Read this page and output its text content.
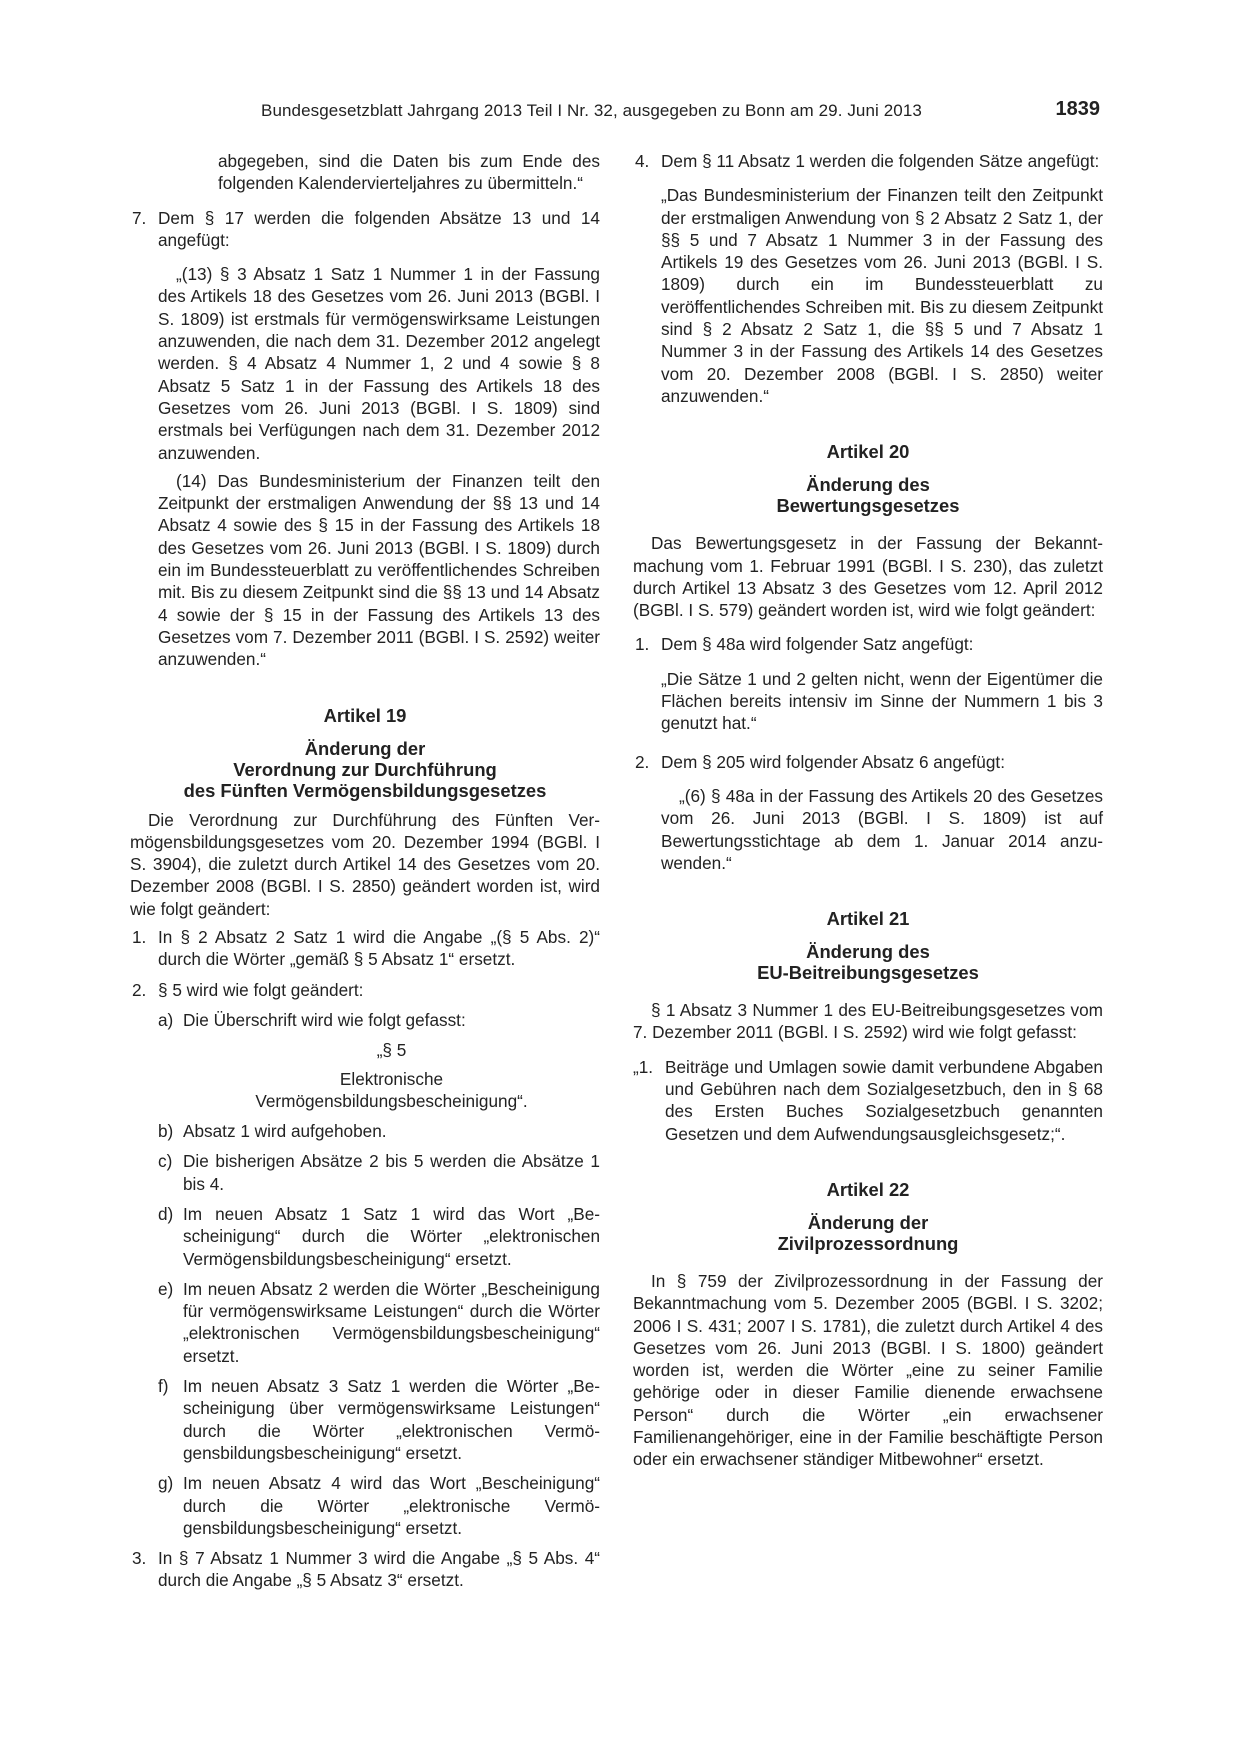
Bundesgesetzblatt Jahrgang 2013 Teil I Nr. 32, ausgegeben zu Bonn am 29. Juni 2013	1839

abgegeben, sind die Daten bis zum Ende des folgenden Kalendervierteljahres zu übermitteln.“

7. Dem § 17 werden die folgenden Absätze 13 und 14 angefügt:

„(13) § 3 Absatz 1 Satz 1 Nummer 1 in der Fassung des Artikels 18 des Gesetzes vom 26. Juni 2013 (BGBl. I S. 1809) ist erstmals für vermögenswirksame Leistungen anzuwenden, die nach dem 31. Dezember 2012 angelegt werden. § 4 Absatz 4 Nummer 1, 2 und 4 sowie § 8 Absatz 5 Satz 1 in der Fassung des Artikels 18 des Gesetzes vom 26. Juni 2013 (BGBl. I S. 1809) sind erstmals bei Verfügungen nach dem 31. Dezember 2012 anzuwenden.

(14) Das Bundesministerium der Finanzen teilt den Zeitpunkt der erstmaligen Anwendung der §§ 13 und 14 Absatz 4 sowie des § 15 in der Fassung des Artikels 18 des Gesetzes vom 26. Juni 2013 (BGBl. I S. 1809) durch ein im Bundessteuerblatt zu veröffentlichendes Schreiben mit. Bis zu diesem Zeitpunkt sind die §§ 13 und 14 Absatz 4 sowie der § 15 in der Fassung des Artikels 13 des Gesetzes vom 7. Dezember 2011 (BGBl. I S. 2592) weiter anzuwenden.“

Artikel 19
Änderung der
Verordnung zur Durchführung
des Fünften Vermögensbildungsgesetzes

Die Verordnung zur Durchführung des Fünften Vermögensbildungsgesetzes vom 20. Dezember 1994 (BGBl. I S. 3904), die zuletzt durch Artikel 14 des Gesetzes vom 20. Dezember 2008 (BGBl. I S. 2850) geändert worden ist, wird wie folgt geändert:

1. In § 2 Absatz 2 Satz 1 wird die Angabe „(§ 5 Abs. 2)“ durch die Wörter „gemäß § 5 Absatz 1“ ersetzt.

2. § 5 wird wie folgt geändert:

a) Die Überschrift wird wie folgt gefasst:

„§ 5
Elektronische
Vermögensbildungsbescheinigung“.
b) Absatz 1 wird aufgehoben.

c) Die bisherigen Absätze 2 bis 5 werden die Absätze 1 bis 4.

d) Im neuen Absatz 1 Satz 1 wird das Wort „Bescheinigung“ durch die Wörter „elektronischen Vermögensbildungsbescheinigung“ ersetzt.

e) Im neuen Absatz 2 werden die Wörter „Bescheinigung für vermögenswirksame Leistungen“ durch die Wörter „elektronischen Vermögensbildungsbescheinigung“ ersetzt.

f) Im neuen Absatz 3 Satz 1 werden die Wörter „Bescheinigung über vermögenswirksame Leistungen“ durch die Wörter „elektronischen Vermögensbildungsbescheinigung“ ersetzt.

g) Im neuen Absatz 4 wird das Wort „Bescheinigung“ durch die Wörter „elektronische Vermögensbildungsbescheinigung“ ersetzt.

3. In § 7 Absatz 1 Nummer 3 wird die Angabe „§ 5 Abs. 4“ durch die Angabe „§ 5 Absatz 3“ ersetzt.

4. Dem § 11 Absatz 1 werden die folgenden Sätze angefügt:

„Das Bundesministerium der Finanzen teilt den Zeitpunkt der erstmaligen Anwendung von § 2 Absatz 2 Satz 1, der §§ 5 und 7 Absatz 1 Nummer 3 in der Fassung des Artikels 19 des Gesetzes vom 26. Juni 2013 (BGBl. I S. 1809) durch ein im Bundessteuerblatt zu veröffentlichendes Schreiben mit. Bis zu diesem Zeitpunkt sind § 2 Absatz 2 Satz 1, die §§ 5 und 7 Absatz 1 Nummer 3 in der Fassung des Artikels 14 des Gesetzes vom 20. Dezember 2008 (BGBl. I S. 2850) weiter anzuwenden.“

Artikel 20
Änderung des
Bewertungsgesetzes

Das Bewertungsgesetz in der Fassung der Bekanntmachung vom 1. Februar 1991 (BGBl. I S. 230), das zuletzt durch Artikel 13 Absatz 3 des Gesetzes vom 12. April 2012 (BGBl. I S. 579) geändert worden ist, wird wie folgt geändert:

1. Dem § 48a wird folgender Satz angefügt:

„Die Sätze 1 und 2 gelten nicht, wenn der Eigentümer die Flächen bereits intensiv im Sinne der Nummern 1 bis 3 genutzt hat.“

2. Dem § 205 wird folgender Absatz 6 angefügt:

„(6) § 48a in der Fassung des Artikels 20 des Gesetzes vom 26. Juni 2013 (BGBl. I S. 1809) ist auf Bewertungsstichtage ab dem 1. Januar 2014 anzuwenden.“

Artikel 21
Änderung des
EU-Beitreibungsgesetzes

§ 1 Absatz 3 Nummer 1 des EU-Beitreibungsgesetzes vom 7. Dezember 2011 (BGBl. I S. 2592) wird wie folgt gefasst:

„1. Beiträge und Umlagen sowie damit verbundene Abgaben und Gebühren nach dem Sozialgesetzbuch, den in § 68 des Ersten Buches Sozialgesetzbuch genannten Gesetzen und dem Aufwendungsausgleichsgesetz;“.

Artikel 22
Änderung der
Zivilprozessordnung

In § 759 der Zivilprozessordnung in der Fassung der Bekanntmachung vom 5. Dezember 2005 (BGBl. I S. 3202; 2006 I S. 431; 2007 I S. 1781), die zuletzt durch Artikel 4 des Gesetzes vom 26. Juni 2013 (BGBl. I S. 1800) geändert worden ist, werden die Wörter „eine zu seiner Familie gehörige oder in dieser Familie dienende erwachsene Person“ durch die Wörter „ein erwachsener Familienangehöriger, eine in der Familie beschäftigte Person oder ein erwachsener ständiger Mitbewohner“ ersetzt.
